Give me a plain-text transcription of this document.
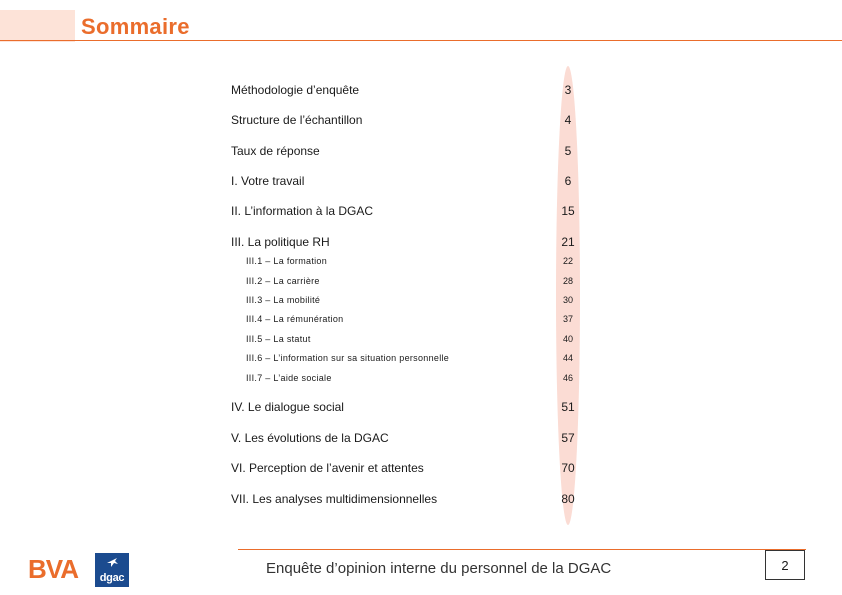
Sommaire
Méthodologie d’enquête	3
Structure de l’échantillon	4
Taux de réponse	5
I. Votre travail	6
II. L’information à la DGAC	15
III. La politique RH	21
III.1 – La formation	22
III.2 – La carrière	28
III.3 – La mobilité	30
III.4 – La rémunération	37
III.5 – La statut	40
III.6 – L’information sur sa situation personnelle	44
III.7 – L’aide sociale	46
IV. Le dialogue social	51
V. Les évolutions de la DGAC	57
VI. Perception de l’avenir et attentes	70
VII. Les analyses multidimensionnelles	80
BVA	dgac
Enquête d’opinion interne du personnel de la DGAC	2
